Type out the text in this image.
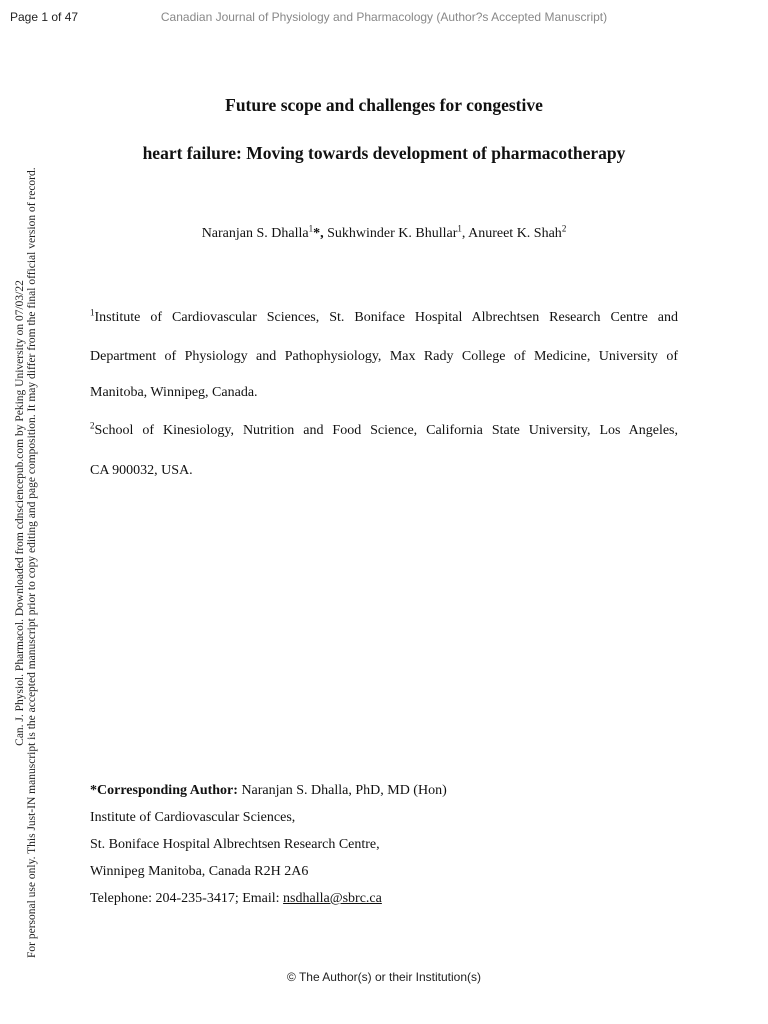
Page 1 of 47	Canadian Journal of Physiology and Pharmacology (Author?s Accepted Manuscript)
Can. J. Physiol. Pharmacol. Downloaded from cdnsciencepub.com by Peking University on 07/03/22 For personal use only. This Just-IN manuscript is the accepted manuscript prior to copy editing and page composition. It may differ from the final official version of record.
Future scope and challenges for congestive
heart failure: Moving towards development of pharmacotherapy
Naranjan S. Dhalla$^1$*, Sukhwinder K. Bhullar$^1$, Anureet K. Shah$^2$
$^1$Institute of Cardiovascular Sciences, St. Boniface Hospital Albrechtsen Research Centre and
Department of Physiology and Pathophysiology, Max Rady College of Medicine, University of
Manitoba, Winnipeg, Canada.
$^2$School of Kinesiology, Nutrition and Food Science, California State University, Los Angeles,
CA 900032, USA.
*Corresponding Author: Naranjan S. Dhalla, PhD, MD (Hon)
Institute of Cardiovascular Sciences,
St. Boniface Hospital Albrechtsen Research Centre,
Winnipeg Manitoba, Canada R2H 2A6
Telephone: 204-235-3417; Email: nsdhalla@sbrc.ca
© The Author(s) or their Institution(s)
